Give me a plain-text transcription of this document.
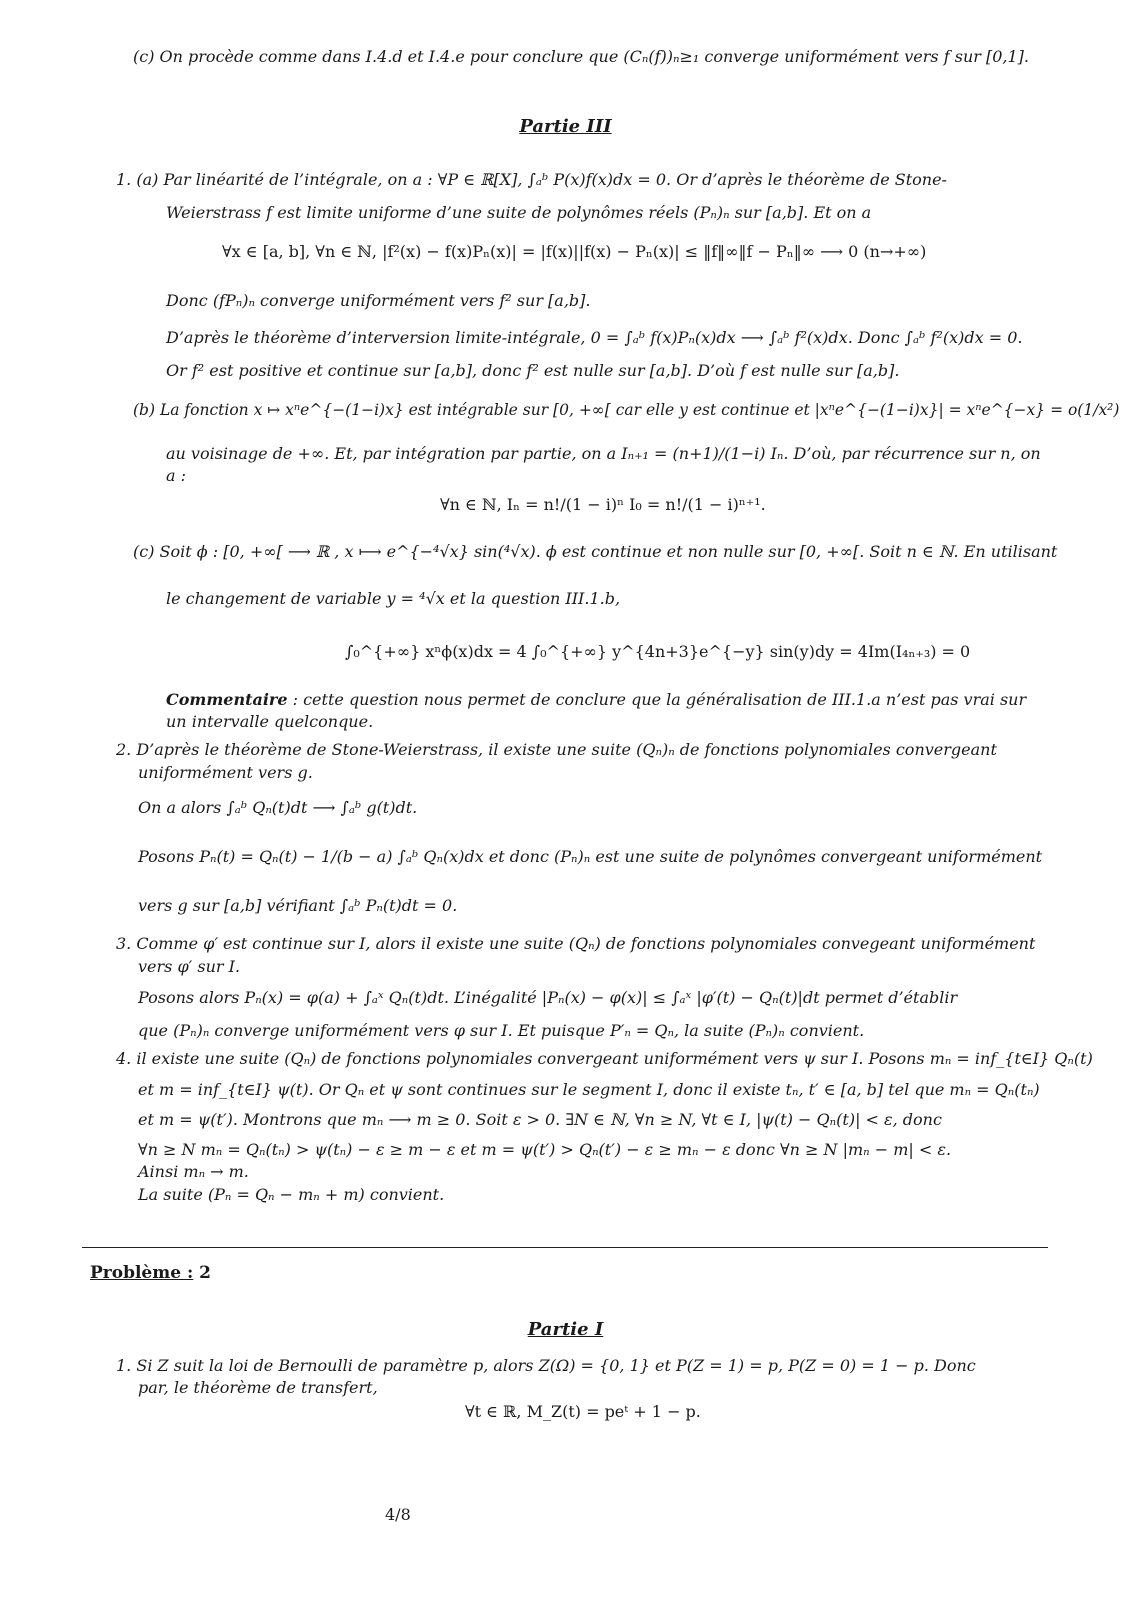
(c) On procède comme dans I.4.d et I.4.e pour conclure que (Cₙ(f))ₙ≥₁ converge uniformément vers f sur [0,1].
Partie III
1. (a) Par linéarité de l’intégrale, on a : ∀P ∈ ℝ[X], ∫ₐᵇ P(x)f(x)dx = 0. Or d’après le théorème de Stone-
Weierstrass f est limite uniforme d’une suite de polynômes réels (Pₙ)ₙ sur [a,b]. Et on a
∀x ∈ [a, b], ∀n ∈ ℕ, |f²(x) − f(x)Pₙ(x)| = |f(x)||f(x) − Pₙ(x)| ≤ ‖f‖∞‖f − Pₙ‖∞ ⟶ 0 (n→+∞)
Donc (fPₙ)ₙ converge uniformément vers f² sur [a,b].
D’après le théorème d’interversion limite-intégrale, 0 = ∫ₐᵇ f(x)Pₙ(x)dx ⟶ ∫ₐᵇ f²(x)dx. Donc ∫ₐᵇ f²(x)dx = 0.
Or f² est positive et continue sur [a,b], donc f² est nulle sur [a,b]. D’où f est nulle sur [a,b].
(b) La fonction x ↦ xⁿe^{−(1−i)x} est intégrable sur [0, +∞[ car elle y est continue et |xⁿe^{−(1−i)x}| = xⁿe^{−x} = o(1/x²)
au voisinage de +∞. Et, par intégration par partie, on a Iₙ₊₁ = (n+1)/(1−i) Iₙ. D’où, par récurrence sur n, on
a :
∀n ∈ ℕ, Iₙ = n!/(1 − i)ⁿ I₀ = n!/(1 − i)ⁿ⁺¹.
(c) Soit ϕ : [0, +∞[ ⟶ ℝ , x ⟼ e^{−⁴√x} sin(⁴√x). ϕ est continue et non nulle sur [0, +∞[. Soit n ∈ ℕ. En utilisant
le changement de variable y = ⁴√x et la question III.1.b,
∫₀^{+∞} xⁿϕ(x)dx = 4 ∫₀^{+∞} y^{4n+3}e^{−y} sin(y)dy = 4Im(I₄ₙ₊₃) = 0
Commentaire : cette question nous permet de conclure que la généralisation de III.1.a n’est pas vrai sur
un intervalle quelconque.
2. D’après le théorème de Stone-Weierstrass, il existe une suite (Qₙ)ₙ de fonctions polynomiales convergeant
uniformément vers g.
On a alors ∫ₐᵇ Qₙ(t)dt ⟶ ∫ₐᵇ g(t)dt.
Posons Pₙ(t) = Qₙ(t) − 1/(b − a) ∫ₐᵇ Qₙ(x)dx et donc (Pₙ)ₙ est une suite de polynômes convergeant uniformément
vers g sur [a,b] vérifiant ∫ₐᵇ Pₙ(t)dt = 0.
3. Comme φ′ est continue sur I, alors il existe une suite (Qₙ) de fonctions polynomiales convegeant uniformément
vers φ′ sur I.
Posons alors Pₙ(x) = φ(a) + ∫ₐˣ Qₙ(t)dt. L’inégalité |Pₙ(x) − φ(x)| ≤ ∫ₐˣ |φ′(t) − Qₙ(t)|dt permet d’établir
que (Pₙ)ₙ converge uniformément vers φ sur I. Et puisque P′ₙ = Qₙ, la suite (Pₙ)ₙ convient.
4. il existe une suite (Qₙ) de fonctions polynomiales convergeant uniformément vers ψ sur I. Posons mₙ = inf_{t∈I} Qₙ(t)
et m = inf_{t∈I} ψ(t). Or Qₙ et ψ sont continues sur le segment I, donc il existe tₙ, t′ ∈ [a, b] tel que mₙ = Qₙ(tₙ)
et m = ψ(t′). Montrons que mₙ ⟶ m ≥ 0. Soit ε > 0. ∃N ∈ ℕ, ∀n ≥ N, ∀t ∈ I, |ψ(t) − Qₙ(t)| < ε, donc
∀n ≥ N mₙ = Qₙ(tₙ) > ψ(tₙ) − ε ≥ m − ε et m = ψ(t′) > Qₙ(t′) − ε ≥ mₙ − ε donc ∀n ≥ N |mₙ − m| < ε.
Ainsi mₙ → m.
La suite (Pₙ = Qₙ − mₙ + m) convient.
Problème : 2
Partie I
1. Si Z suit la loi de Bernoulli de paramètre p, alors Z(Ω) = {0, 1} et P(Z = 1) = p, P(Z = 0) = 1 − p. Donc
par, le théorème de transfert,
∀t ∈ ℝ, M_Z(t) = peᵗ + 1 − p.
4/8
